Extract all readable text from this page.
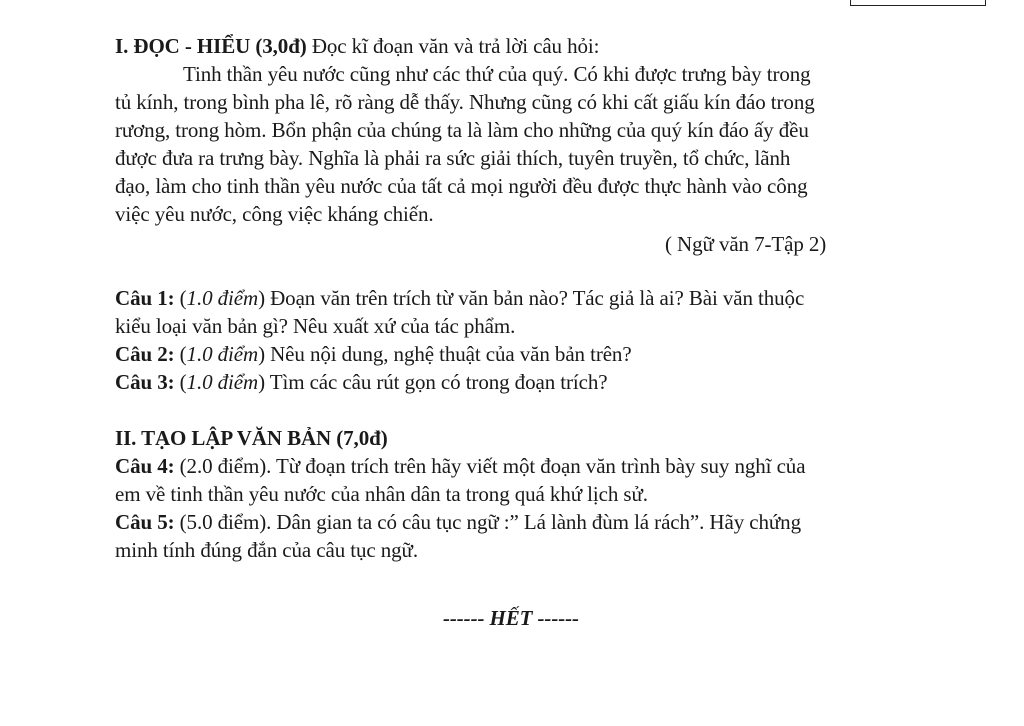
I. ĐỌC - HIỂU (3,0đ) Đọc kĩ đoạn văn và trả lời câu hỏi:
Tinh thần yêu nước cũng như các thứ của quý. Có khi được trưng bày trong
tủ kính, trong bình pha lê, rõ ràng dễ thấy. Nhưng cũng có khi cất giấu kín đáo trong
rương, trong hòm. Bổn phận của chúng ta là làm cho những của quý kín đáo ấy đều
được đưa ra trưng bày. Nghĩa là phải ra sức giải thích, tuyên truyền, tổ chức, lãnh
đạo, làm cho tinh thần yêu nước của tất cả mọi người đều được thực hành vào công
việc yêu nước, công việc kháng chiến.
( Ngữ văn 7-Tập 2)
Câu 1: (1.0 điểm) Đoạn văn trên trích từ văn bản nào? Tác giả là ai? Bài văn thuộc
kiểu loại văn bản gì? Nêu xuất xứ của tác phẩm.
Câu 2: (1.0 điểm) Nêu nội dung, nghệ thuật của văn bản trên?
Câu 3: (1.0 điểm) Tìm các câu rút gọn có trong đoạn trích?
II. TẠO LẬP VĂN BẢN (7,0đ)
Câu 4: (2.0 điểm). Từ đoạn trích trên hãy viết một đoạn văn trình bày suy nghĩ của
em về tinh thần yêu nước của nhân dân ta trong quá khứ lịch sử.
Câu 5: (5.0 điểm). Dân gian ta có câu tục ngữ :” Lá lành đùm lá rách”. Hãy chứng
minh tính đúng đắn của câu tục ngữ.
------ HẾT ------
